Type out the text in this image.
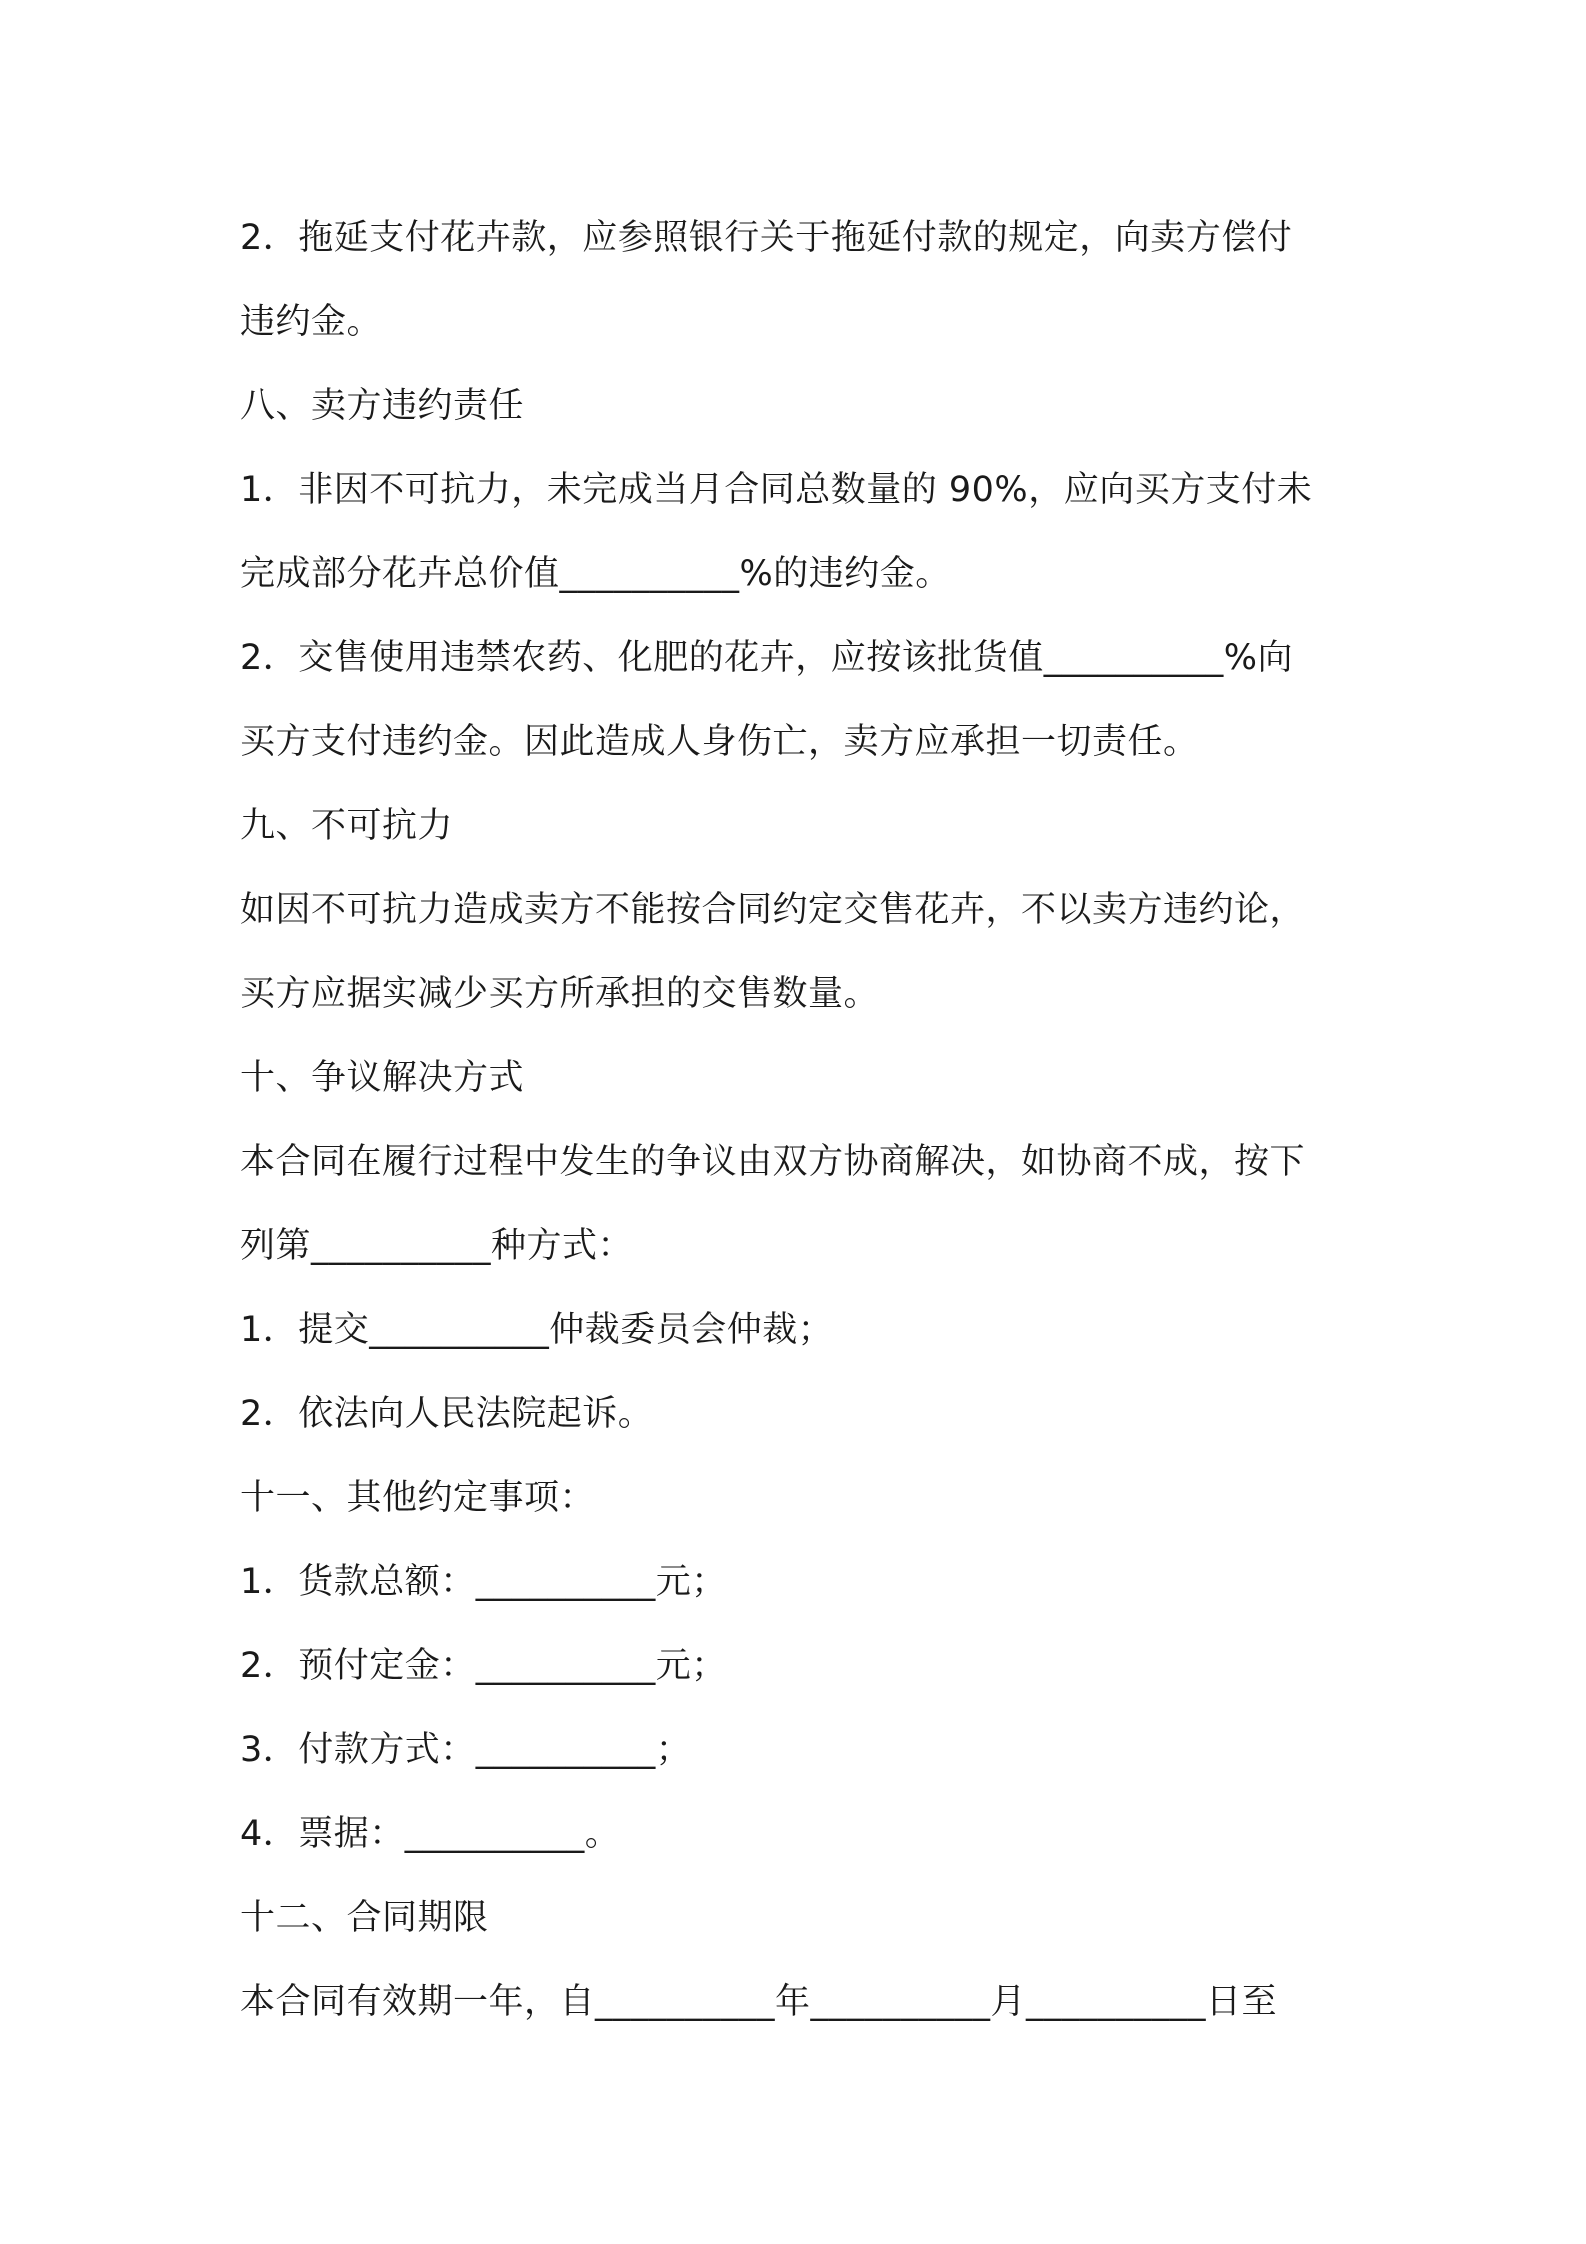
2．拖延支付花卉款，应参照银行关于拖延付款的规定，向卖方偿付
违约金。
八、卖方违约责任
1．非因不可抗力，未完成当月合同总数量的 90%，应向买方支付未
完成部分花卉总价值__________%的违约金。
2．交售使用违禁农药、化肥的花卉，应按该批货值__________%向
买方支付违约金。因此造成人身伤亡，卖方应承担一切责任。
九、不可抗力
如因不可抗力造成卖方不能按合同约定交售花卉，不以卖方违约论，
买方应据实减少买方所承担的交售数量。
十、争议解决方式
本合同在履行过程中发生的争议由双方协商解决，如协商不成，按下
列第__________种方式：
1．提交__________仲裁委员会仲裁；
2．依法向人民法院起诉。
十一、其他约定事项：
1．货款总额：__________元；
2．预付定金：__________元；
3．付款方式：__________；
4．票据：__________。
十二、合同期限
本合同有效期一年，自__________年__________月__________日至
